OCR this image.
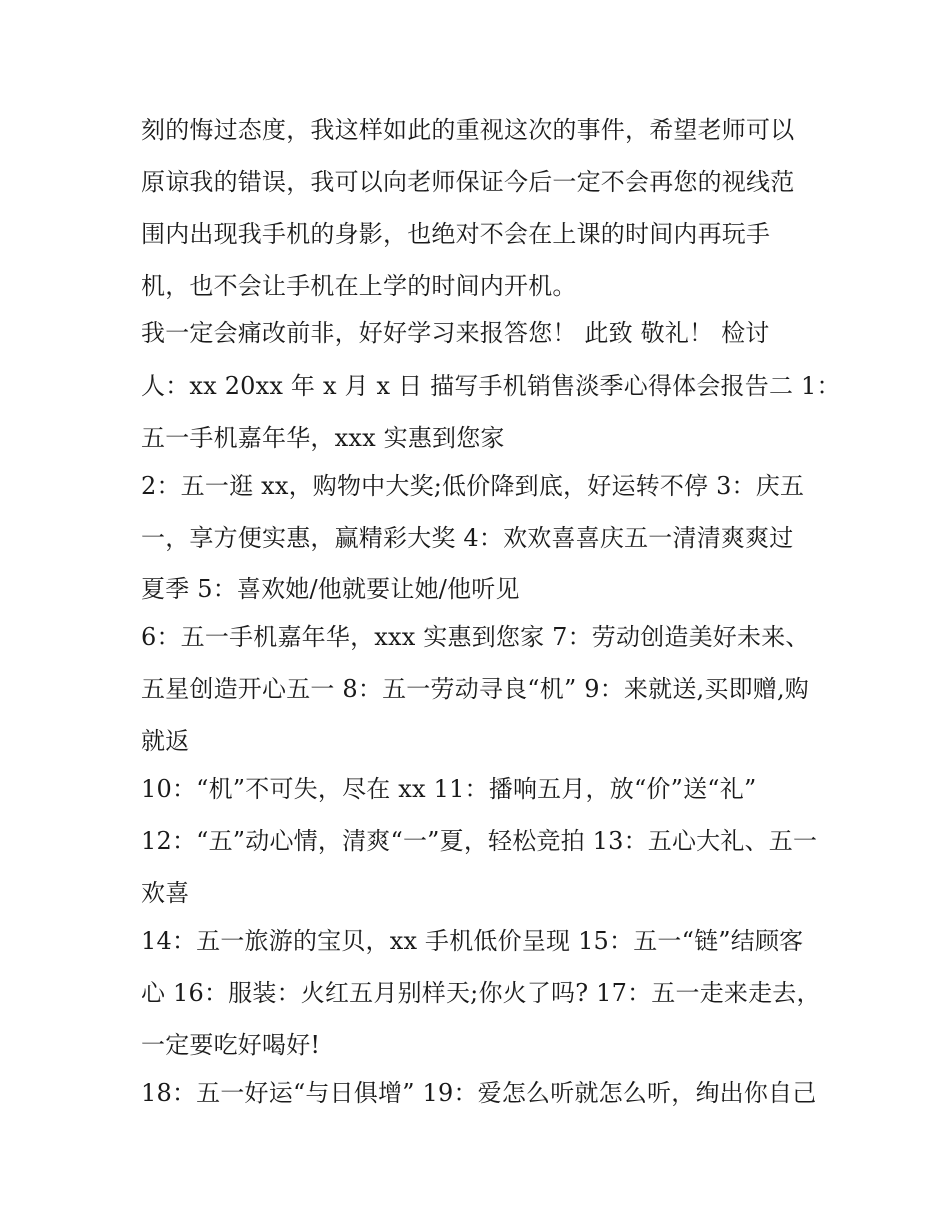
刻的悔过态度，我这样如此的重视这次的事件，希望老师可以
原谅我的错误，我可以向老师保证今后一定不会再您的视线范
围内出现我手机的身影，也绝对不会在上课的时间内再玩手
机，也不会让手机在上学的时间内开机。
我一定会痛改前非，好好学习来报答您！ 此致 敬礼！ 检讨
人：xx 20xx 年 x 月 x 日 描写手机销售淡季心得体会报告二 1：
五一手机嘉年华，xxx 实惠到您家
2：五一逛 xx，购物中大奖;低价降到底，好运转不停 3：庆五
一，享方便实惠，赢精彩大奖 4：欢欢喜喜庆五一清清爽爽过
夏季 5：喜欢她/他就要让她/他听见
6：五一手机嘉年华，xxx 实惠到您家 7：劳动创造美好未来、
五星创造开心五一 8：五一劳动寻良“机” 9：来就送,买即赠,购
就返
10：“机”不可失，尽在 xx 11：播响五月，放“价”送“礼”
12：“五”动心情，清爽“一”夏，轻松竞拍 13：五心大礼、五一
欢喜
14：五一旅游的宝贝，xx 手机低价呈现 15：五一“链”结顾客
心 16：服装：火红五月别样天;你火了吗? 17：五一走来走去，
一定要吃好喝好!
18：五一好运“与日俱增” 19：爱怎么听就怎么听，绚出你自己
